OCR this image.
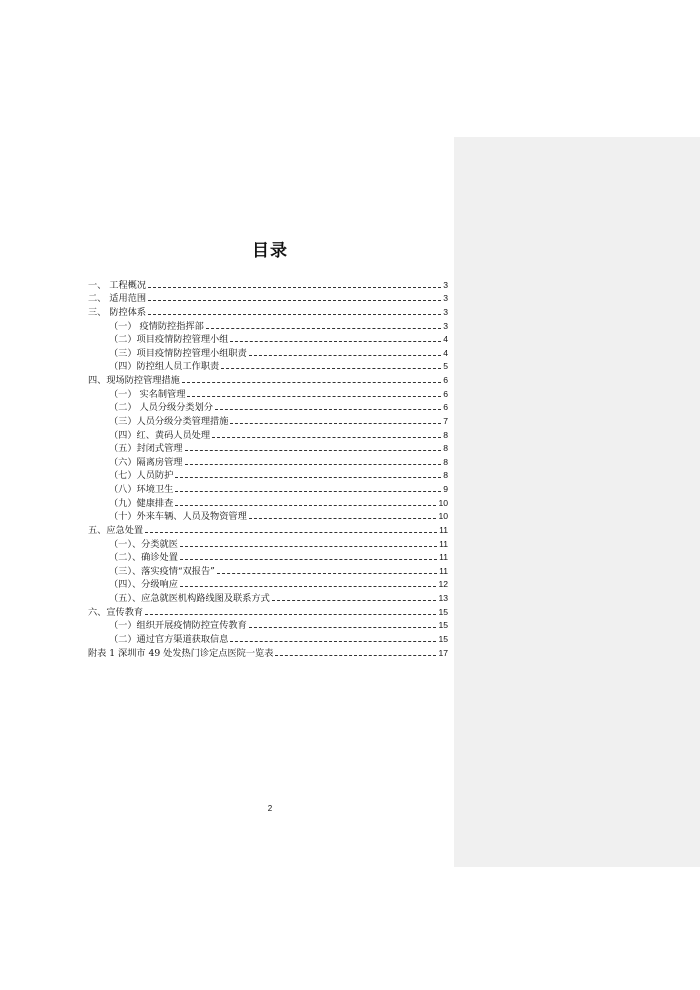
目录
一、 工程概况	3
二、 适用范围	3
三、 防控体系	3
（一） 疫情防控指挥部	3
（二）项目疫情防控管理小组	4
（三）项目疫情防控管理小组职责	4
（四）防控组人员工作职责	5
四、现场防控管理措施	6
（一） 实名制管理	6
（二） 人员分级分类划分	6
（三）人员分级分类管理措施	7
（四）红、黄码人员处理	8
（五）封闭式管理	8
（六）隔离房管理	8
（七）人员防护	8
（八）环境卫生	9
（九）健康排查	10
（十）外来车辆、人员及物资管理	10
五、应急处置	11
（一）、分类就医	11
（二）、确诊处置	11
（三）、落实疫情“双报告”	11
（四）、分级响应	12
（五）、应急就医机构路线图及联系方式	13
六、宣传教育	15
（一）组织开展疫情防控宣传教育	15
（二）通过官方渠道获取信息	15
附表 1 深圳市 49 处发热门诊定点医院一览表	17
2
